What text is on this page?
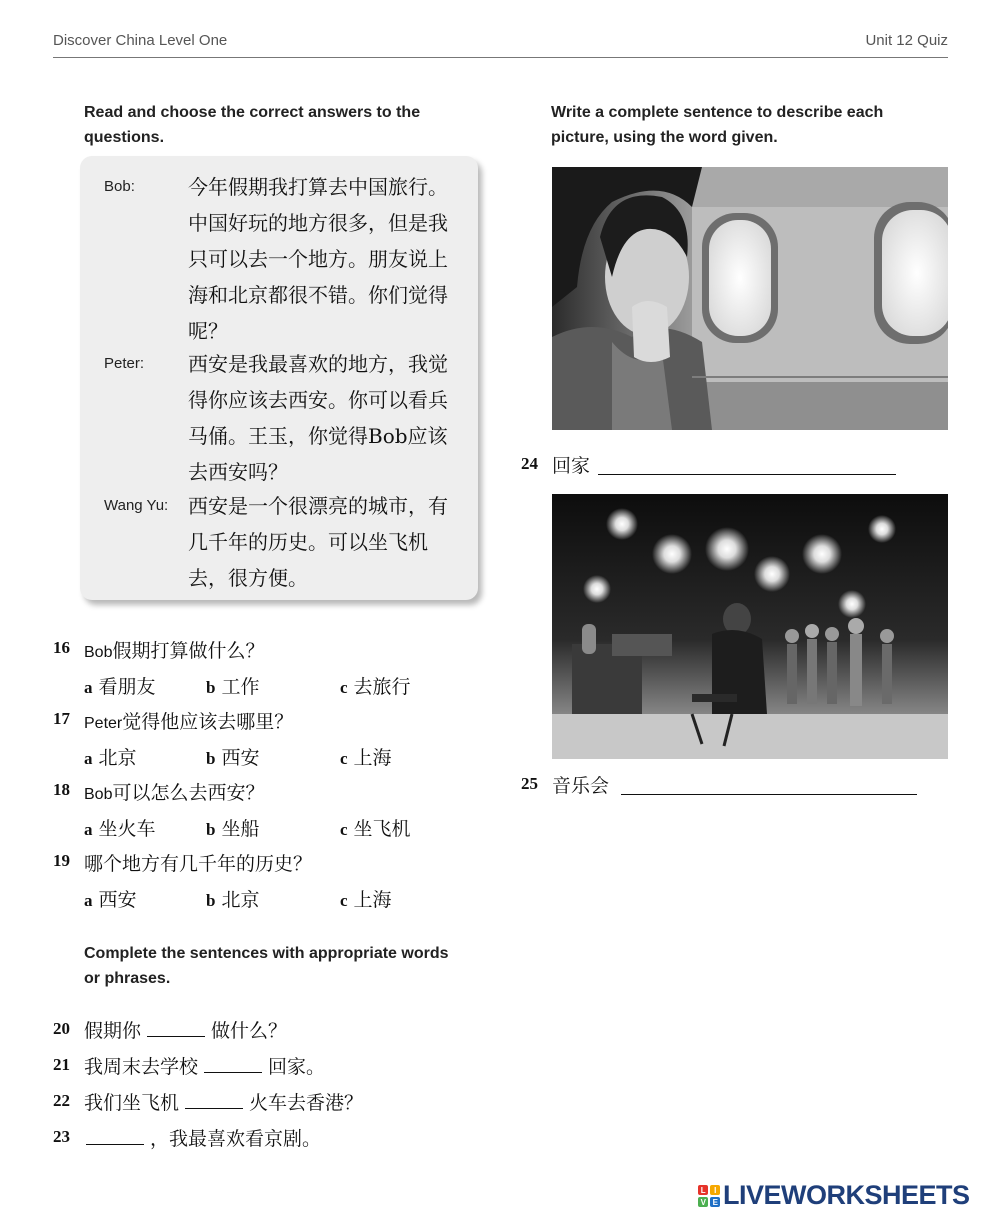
Discover China Level One	Unit 12 Quiz
Read and choose the correct answers to the
questions.
Bob:	今年假期我打算去中国旅行。
中国好玩的地方很多，但是我
只可以去一个地方。朋友说上
海和北京都很不错。你们觉得
呢？
Peter: 西安是我最喜欢的地方，我觉
得你应该去西安。你可以看兵
马俑。王玉，你觉得Bob应该
去西安吗？
Wang Yu: 西安是一个很漂亮的城市，有
几千年的历史。可以坐飞机
去，很方便。
16 Bob假期打算做什么？
a 看朋友	b 工作	c 去旅行
17 Peter觉得他应该去哪里？
a 北京	b 西安	c 上海
18 Bob可以怎么去西安？
a 坐火车	b 坐船	c 坐飞机
19 哪个地方有几千年的历史？
a 西安	b 北京	c 上海
Complete the sentences with appropriate words
or phrases.
20 假期你	做什么？
21 我周末去学校	回家。
22 我们坐飞机	火车去香港？
23	，我最喜欢看京剧。
Write a complete sentence to describe each
picture, using the word given.
24 回家
25 音乐会
L I
V E LIVEWORKSHEETS
